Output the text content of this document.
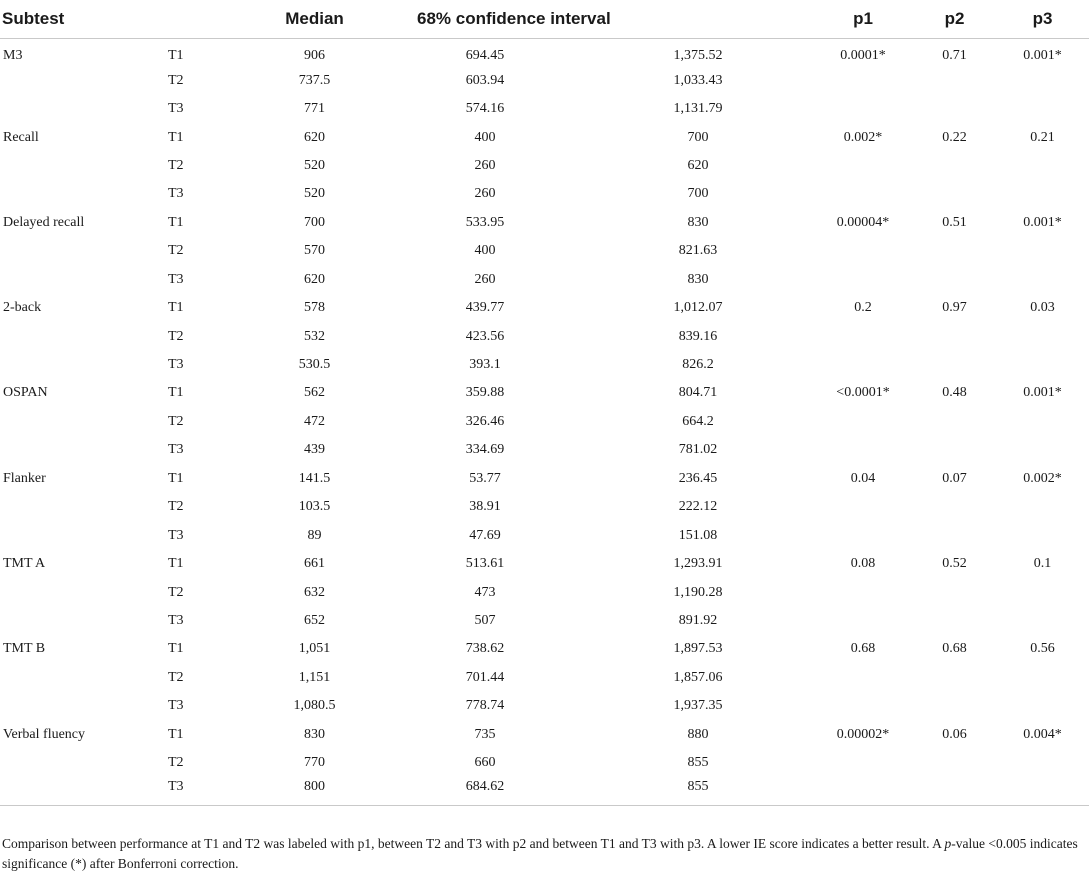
Subtest		Median	68% confidence interval		p1	p2	p3
M3	T1	906	694.45	1,375.52	0.0001*	0.71	0.001*
	T2	737.5	603.94	1,033.43			
	T3	771	574.16	1,131.79			
Recall	T1	620	400	700	0.002*	0.22	0.21
	T2	520	260	620			
	T3	520	260	700			
Delayed recall	T1	700	533.95	830	0.00004*	0.51	0.001*
	T2	570	400	821.63			
	T3	620	260	830			
2-back	T1	578	439.77	1,012.07	0.2	0.97	0.03
	T2	532	423.56	839.16			
	T3	530.5	393.1	826.2			
OSPAN	T1	562	359.88	804.71	<0.0001*	0.48	0.001*
	T2	472	326.46	664.2			
	T3	439	334.69	781.02			
Flanker	T1	141.5	53.77	236.45	0.04	0.07	0.002*
	T2	103.5	38.91	222.12			
	T3	89	47.69	151.08			
TMT A	T1	661	513.61	1,293.91	0.08	0.52	0.1
	T2	632	473	1,190.28			
	T3	652	507	891.92			
TMT B	T1	1,051	738.62	1,897.53	0.68	0.68	0.56
	T2	1,151	701.44	1,857.06			
	T3	1,080.5	778.74	1,937.35			
Verbal fluency	T1	830	735	880	0.00002*	0.06	0.004*
	T2	770	660	855			
	T3	800	684.62	855			
Comparison between performance at T1 and T2 was labeled with p1, between T2 and T3 with p2 and between T1 and T3 with p3. A lower IE score indicates a better result. A p-value <0.005 indicates significance (*) after Bonferroni correction.
